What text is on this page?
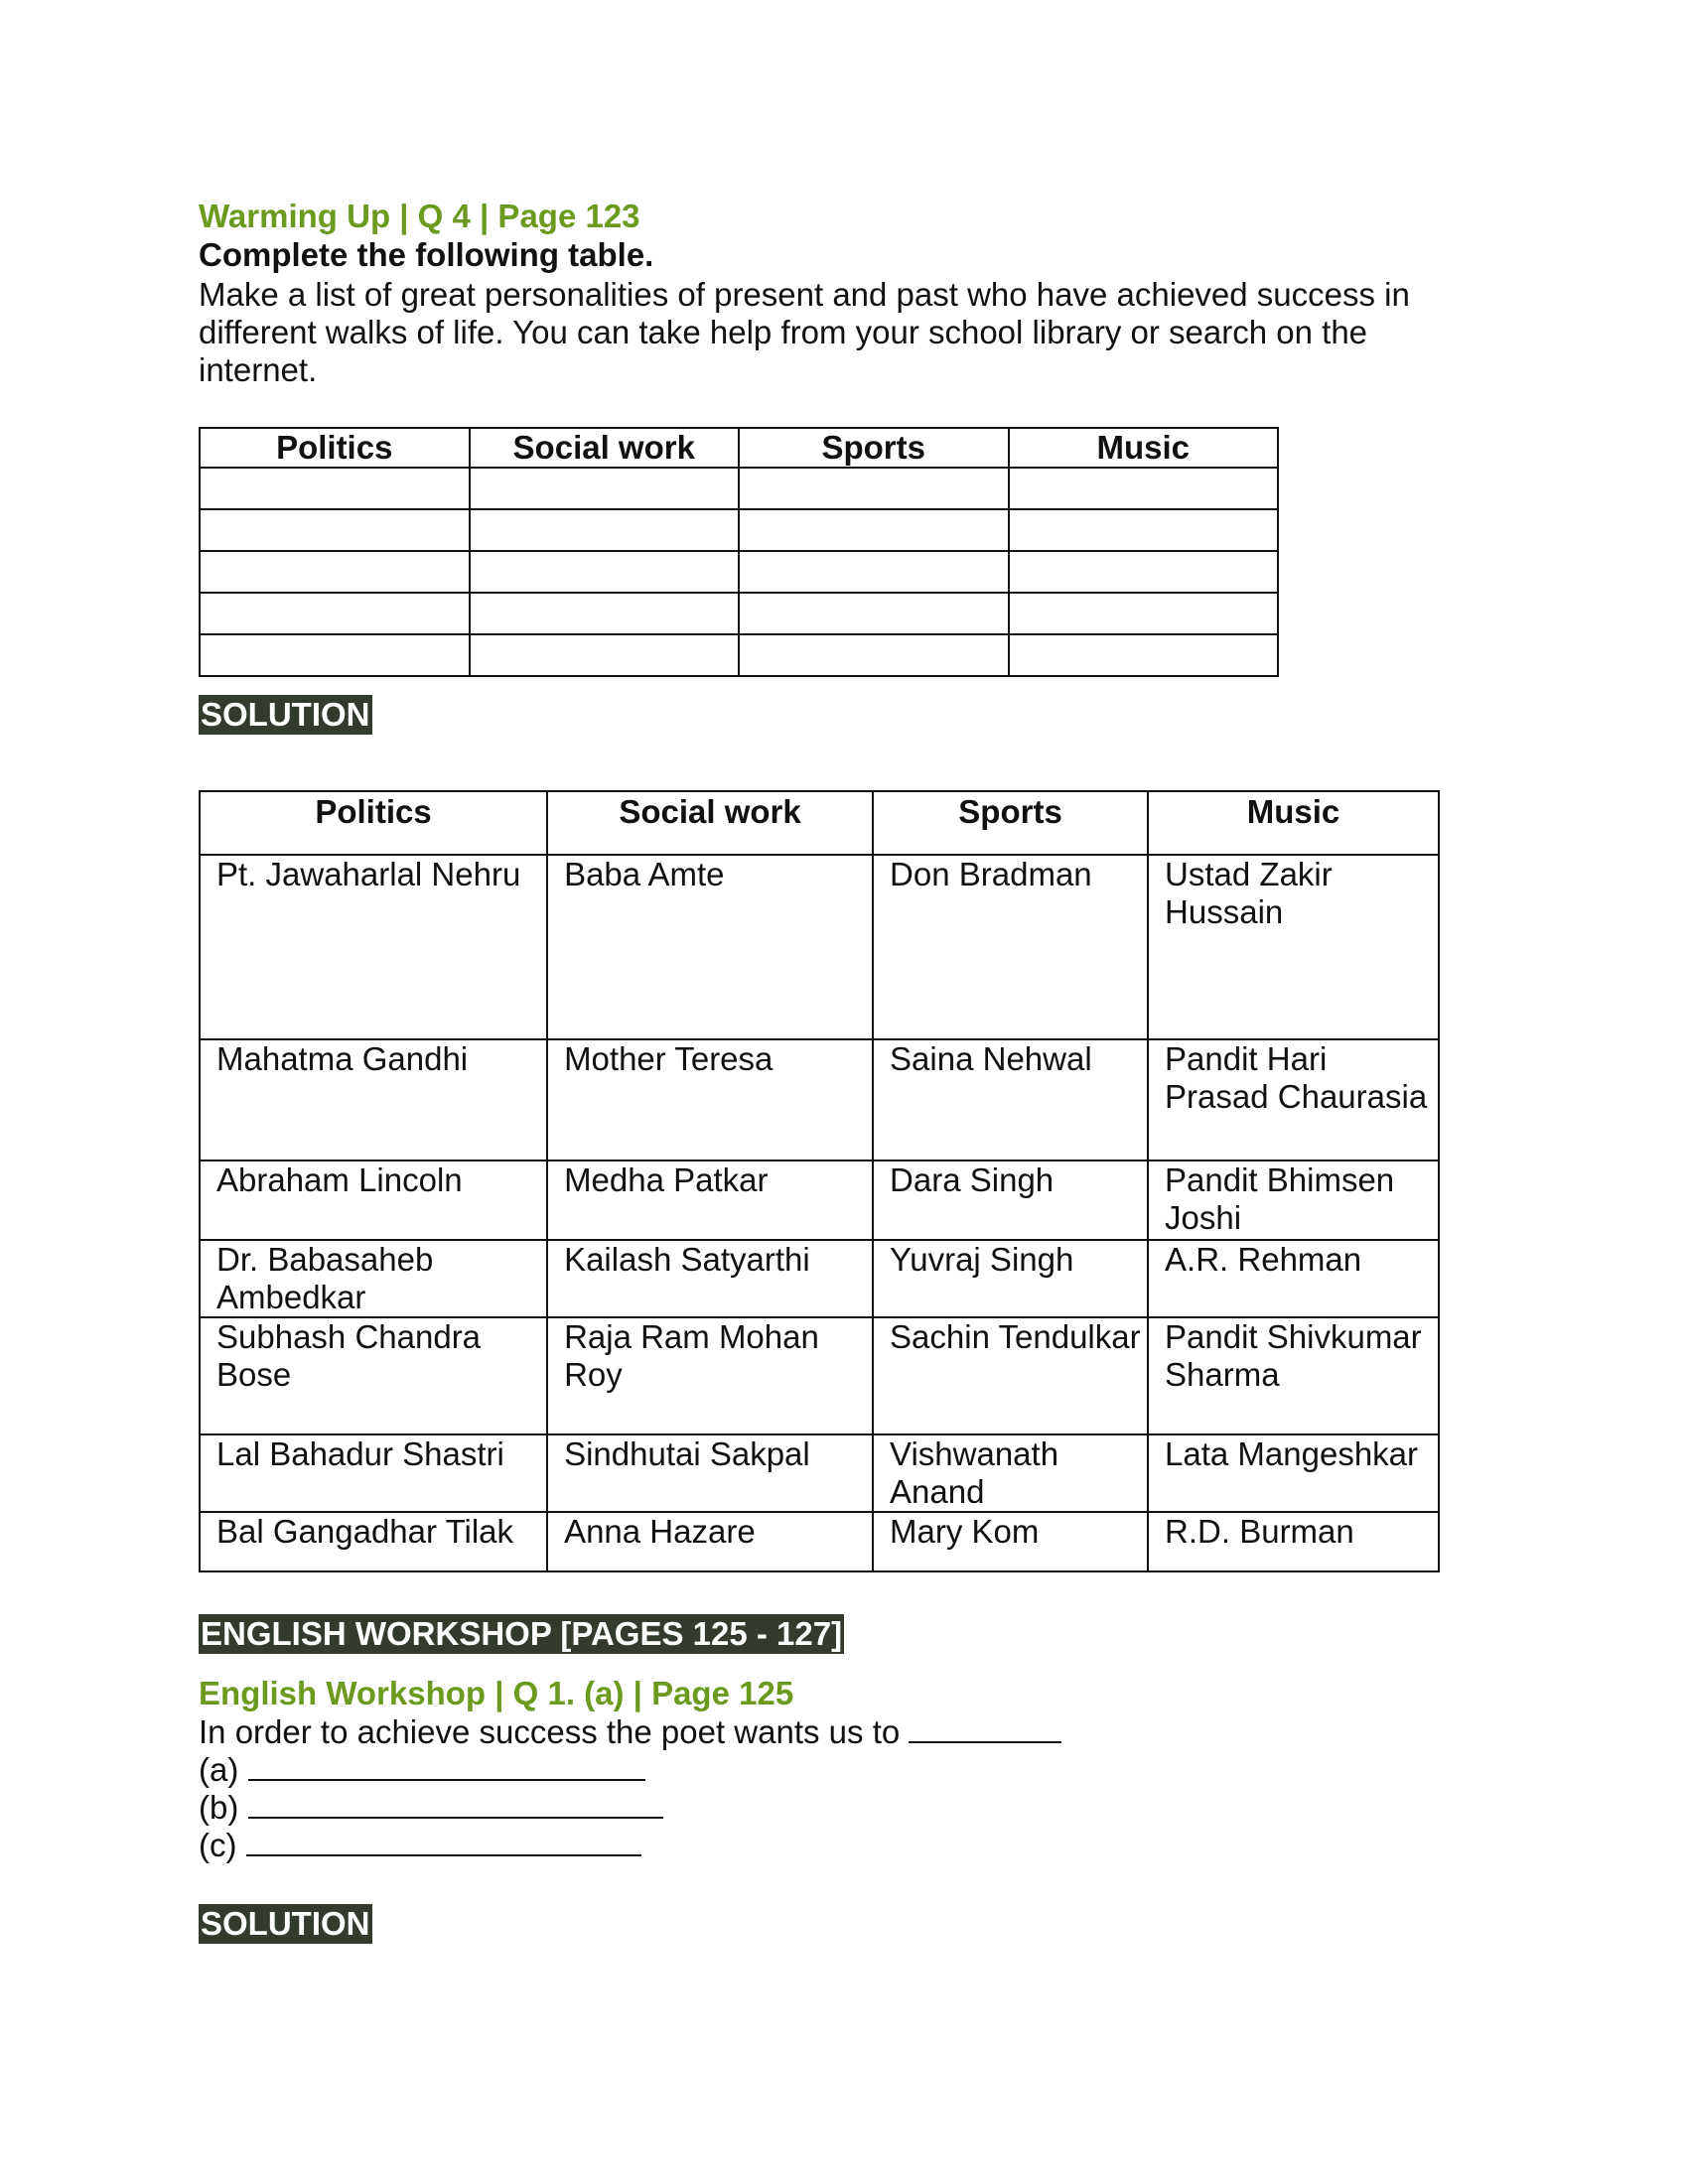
Warming Up | Q 4 | Page 123

Complete the following table.

Make a list of great personalities of present and past who have achieved success in different walks of life. You can take help from your school library or search on the internet.

Politics	Social work	Sports	Music

SOLUTION
Politics	Social work	Sports	Music
Pt. Jawaharlal Nehru	Baba Amte	Don Bradman	Ustad Zakir Hussain
Mahatma Gandhi	Mother Teresa	Saina Nehwal	Pandit Hari Prasad Chaurasia
Abraham Lincoln	Medha Patkar	Dara Singh	Pandit Bhimsen Joshi
Dr. Babasaheb Ambedkar	Kailash Satyarthi	Yuvraj Singh	A.R. Rehman
Subhash Chandra Bose	Raja Ram Mohan Roy	Sachin Tendulkar	Pandit Shivkumar Sharma
Lal Bahadur Shastri	Sindhutai Sakpal	Vishwanath Anand	Lata Mangeshkar
Bal Gangadhar Tilak	Anna Hazare	Mary Kom	R.D. Burman
ENGLISH WORKSHOP [PAGES 125 - 127]

English Workshop | Q 1. (a) | Page 125

In order to achieve success the poet wants us to

(a)

(b)

(c)

SOLUTION
